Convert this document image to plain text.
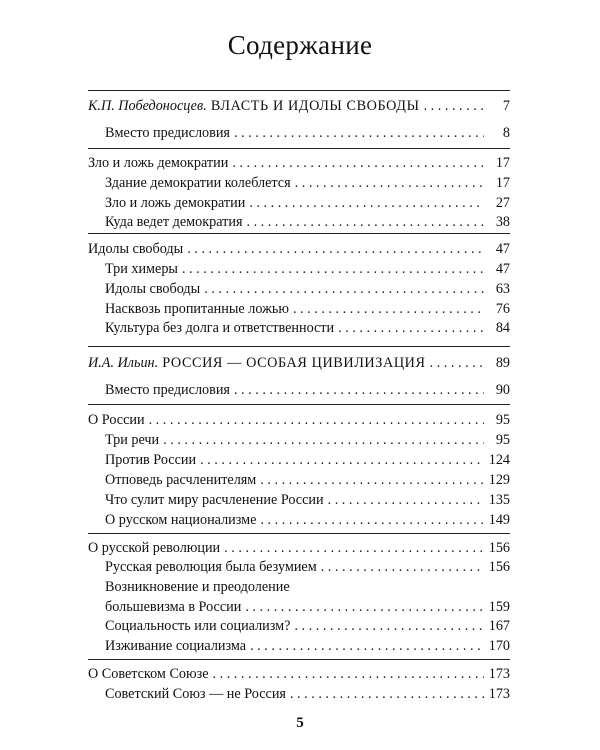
Содержание
К.П. Победоносцев. ВЛАСТЬ И ИДОЛЫ СВОБОДЫ . . .	7
Вместо предисловия . . .	8
Зло и ложь демократии . . .	17
Здание демократии колеблется . . .	17
Зло и ложь демократии . . .	27
Куда ведет демократия . . .	38
Идолы свободы . . .	47
Три химеры . . .	47
Идолы свободы . . .	63
Насквозь пропитанные ложью . . .	76
Культура без долга и ответственности . . .	84
И.А. Ильин. РОССИЯ — ОСОБАЯ ЦИВИЛИЗАЦИЯ . . .	89
Вместо предисловия . . .	90
О России . . .	95
Три речи . . .	95
Против России . . .	124
Отповедь расчленителям . . .	129
Что сулит миру расчленение России . . .	135
О русском национализме . . .	149
О русской революции . . .	156
Русская революция была безумием . . .	156
Возникновение и преодоление
большевизма в России . . .	159
Социальность или социализм? . . .	167
Изживание социализма . . .	170
О Советском Союзе . . .	173
Советский Союз — не Россия . . .	173
5
